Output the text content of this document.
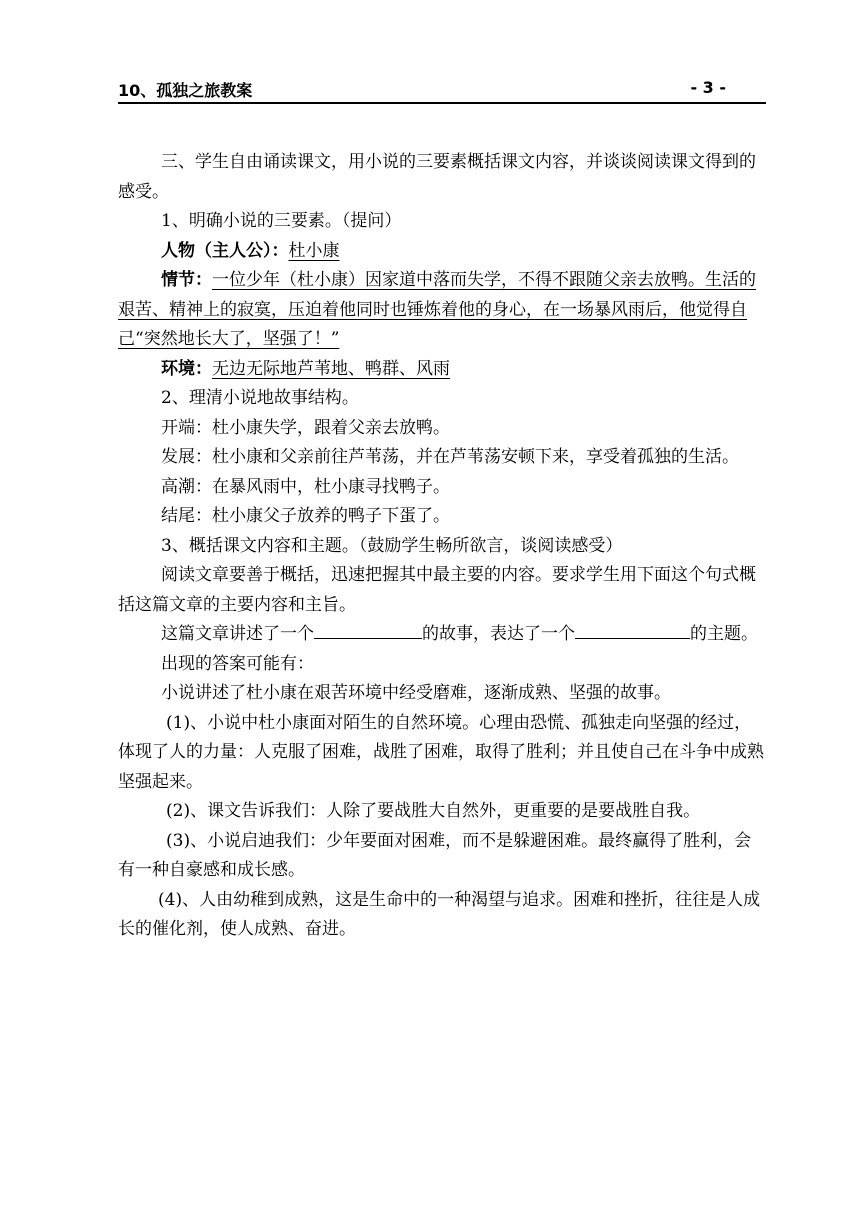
10、孤独之旅教案	- 3 -

三、学生自由诵读课文，用小说的三要素概括课文内容，并谈谈阅读课文得到的感受。

1、明确小说的三要素。（提问）

人物（主人公）：杜小康

情节：一位少年（杜小康）因家道中落而失学，不得不跟随父亲去放鸭。生活的艰苦、精神上的寂寞，压迫着他同时也锤炼着他的身心，在一场暴风雨后，他觉得自己“突然地长大了，坚强了！”

环境：无边无际地芦苇地、鸭群、风雨

2、理清小说地故事结构。

开端：杜小康失学，跟着父亲去放鸭。

发展：杜小康和父亲前往芦苇荡，并在芦苇荡安顿下来，享受着孤独的生活。

高潮：在暴风雨中，杜小康寻找鸭子。

结尾：杜小康父子放养的鸭子下蛋了。

3、概括课文内容和主题。（鼓励学生畅所欲言，谈阅读感受）

阅读文章要善于概括，迅速把握其中最主要的内容。要求学生用下面这个句式概括这篇文章的主要内容和主旨。

这篇文章讲述了一个	的故事，表达了一个	的主题。

出现的答案可能有：

小说讲述了杜小康在艰苦环境中经受磨难，逐渐成熟、坚强的故事。

(1)、小说中杜小康面对陌生的自然环境。心理由恐慌、孤独走向坚强的经过，体现了人的力量：人克服了困难，战胜了困难，取得了胜利；并且使自己在斗争中成熟坚强起来。

(2)、课文告诉我们：人除了要战胜大自然外，更重要的是要战胜自我。

(3)、小说启迪我们：少年要面对困难，而不是躲避困难。最终赢得了胜利，会有一种自豪感和成长感。

(4)、人由幼稚到成熟，这是生命中的一种渴望与追求。困难和挫折，往往是人成长的催化剂，使人成熟、奋进。
